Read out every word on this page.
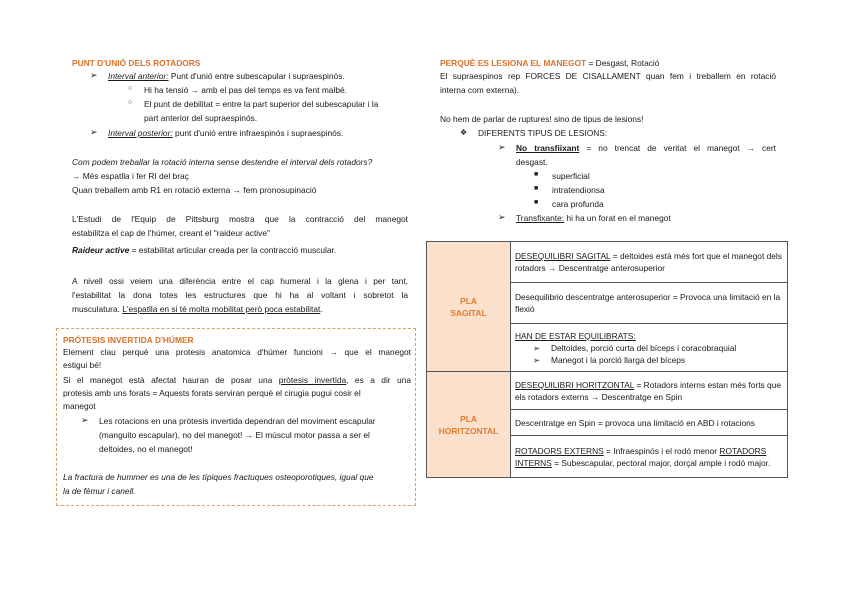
PUNT D'UNIÓ DELS ROTADORS
➢ Interval anterior: Punt d'unió entre subescapular i supraespinós.
○ Hi ha tensió → amb el pas del temps es va fent malbé.
○ El punt de debilitat = entre la part superior del subescapular i la
part anterior del supraespinós.
➢ Interval posterior: punt d'unió entre infraespinós i supraespinós.
Com podem treballar la rotació interna sense destendre el interval dels rotadors?
→ Més espatlla i fer RI del braç
Quan treballem amb R1 en rotació externa → fem pronosupinació
L'Estudi de l'Equip de Pittsburg mostra que la contracció del manegot
estabilitza el cap de l'húmer, creant el "raideur active"
Raideur active = estabilitat articular creada per la contracció muscular.
A nivell ossi veiem una diferència entre el cap humeral i la glena i per tant,
l'estabilitat la dona totes les estructures que hi ha al voltant i sobretot la
musculatura. L'espatlla en si té molta mobilitat però poca estabilitat.
PRÓTESIS INVERTIDA D'HÚMER
Element clau perquè una protesis anatomica d'húmer funcioni → que el manegot
estigui bé!
Si el manegot està afectat hauran de posar una pròtesis invertida, es a dir una
protesis amb uns forats = Aquests forats serviran perquè el cirugia pugui cosir el
manegot
➢ Les rotacions en una pròtesis invertida dependran del moviment escapular
(manguito escapular), no del manegot! → El múscul motor passa a ser el
deltoides, no el manegot!
La fractura de hummer es una de les típiques fractuques osteoporotiques, igual que
la de fèmur i canell.
PERQUÈ ES LESIONA EL MANEGOT = Desgast, Rotació
El supraespinos rep FORCES DE CISALLAMENT quan fem i treballem en rotació
interna com externa).
No hem de parlar de ruptures! sino de tipus de lesions!
❖ DIFERENTS TIPUS DE LESIONS:
➢ No transfiixant = no trencat de veritat el manegot → cert
desgast.
■ superficial
■ intratendionsa
■ cara profunda
➢ Transfixante: hi ha un forat en el manegot
PLA
SAGITAL	DESEQUILIBRI SAGITAL = deltoides està més fort que el manegot dels rotadors → Descentratge anterosuperior
	Desequilibrio descentratge anterosuperior = Provoca una limitació en la flexió

	HAN DE ESTAR EQUILIBRATS:
➢ Deltoides, porció curta del bíceps i coracobraquial
➢ Manegot i la porció llarga del bíceps

PLA
HORITZONTAL	DESEQUILIBRI HORITZONTAL = Rotadors interns estan més forts que els rotadors externs → Descentratge en Spin
	Descentratge en Spin = provoca una limitació en ABD i rotacions
	ROTADORS EXTERNS = Infraespinós i el rodó menor ROTADORS INTERNS = Subescapular, pectoral major, dorçal ample i rodó major.
